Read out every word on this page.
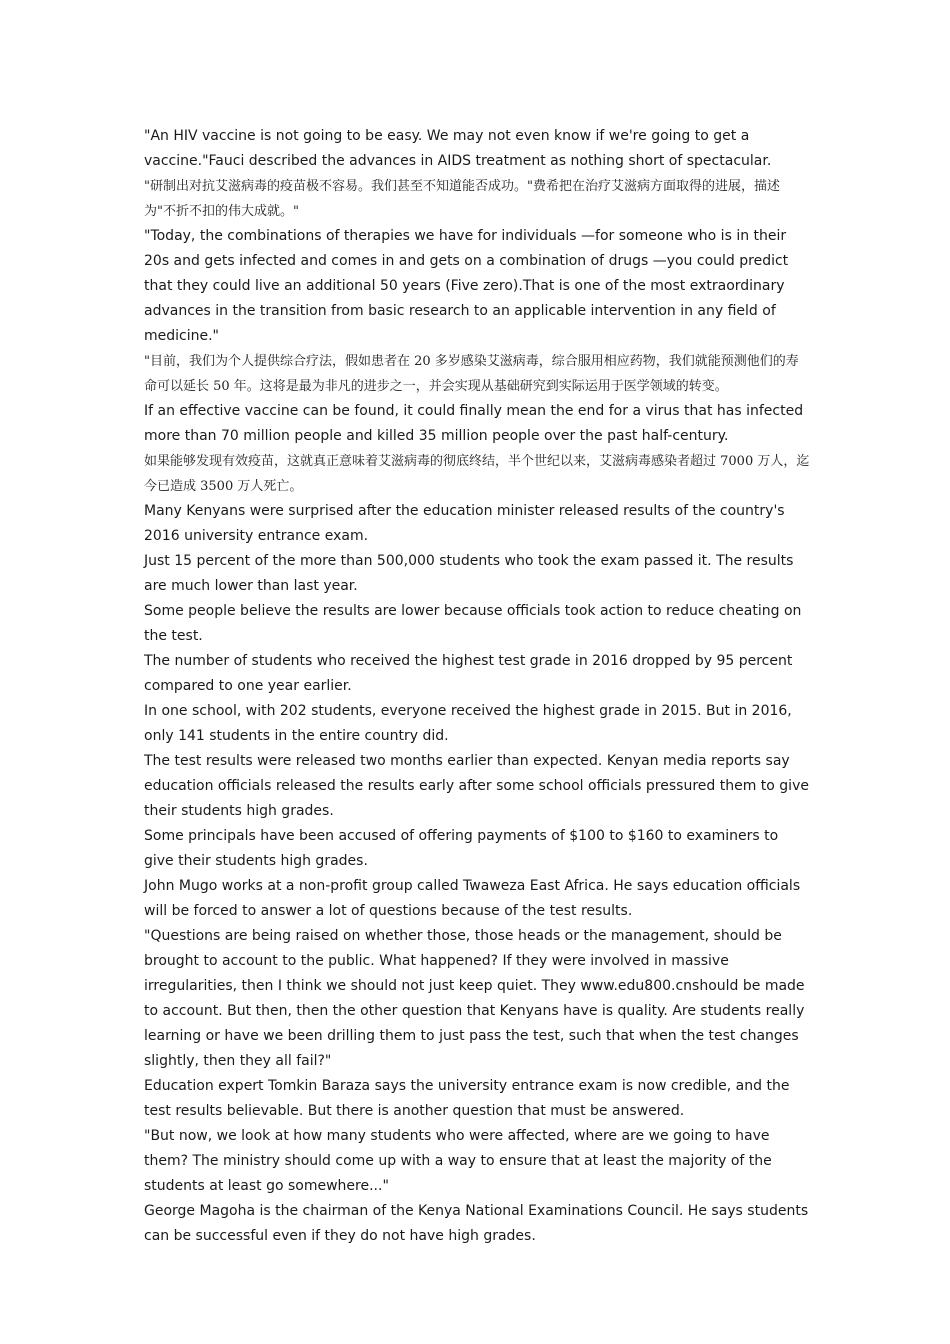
"An HIV vaccine is not going to be easy. We may not even know if we're going to get a vaccine."Fauci described the advances in AIDS treatment as nothing short of spectacular.

"研制出对抗艾滋病毒的疫苗极不容易。我们甚至不知道能否成功。"费希把在治疗艾滋病方面取得的进展，描述为"不折不扣的伟大成就。"

"Today, the combinations of therapies we have for individuals —for someone who is in their 20s and gets infected and comes in and gets on a combination of drugs —you could predict that they could live an additional 50 years (Five zero).That is one of the most extraordinary advances in the transition from basic research to an applicable intervention in any field of medicine."

"目前，我们为个人提供综合疗法，假如患者在 20 多岁感染艾滋病毒，综合服用相应药物，我们就能预测他们的寿命可以延长 50 年。这将是最为非凡的进步之一，并会实现从基础研究到实际运用于医学领域的转变。

If an effective vaccine can be found, it could finally mean the end for a virus that has infected more than 70 million people and killed 35 million people over the past half-century.

如果能够发现有效疫苗，这就真正意味着艾滋病毒的彻底终结，半个世纪以来，艾滋病毒感染者超过 7000 万人，迄今已造成 3500 万人死亡。

Many Kenyans were surprised after the education minister released results of the country's 2016 university entrance exam.

Just 15 percent of the more than 500,000 students who took the exam passed it. The results are much lower than last year.

Some people believe the results are lower because officials took action to reduce cheating on the test.

The number of students who received the highest test grade in 2016 dropped by 95 percent compared to one year earlier.

In one school, with 202 students, everyone received the highest grade in 2015. But in 2016, only 141 students in the entire country did.

The test results were released two months earlier than expected. Kenyan media reports say education officials released the results early after some school officials pressured them to give their students high grades.

Some principals have been accused of offering payments of $100 to $160 to examiners to give their students high grades.

John Mugo works at a non-profit group called Twaweza East Africa. He says education officials will be forced to answer a lot of questions because of the test results.

"Questions are being raised on whether those, those heads or the management, should be brought to account to the public. What happened? If they were involved in massive irregularities, then I think we should not just keep quiet. They www.edu800.cnshould be made to account. But then, then the other question that Kenyans have is quality. Are students really learning or have we been drilling them to just pass the test, such that when the test changes slightly, then they all fail?"

Education expert Tomkin Baraza says the university entrance exam is now credible, and the test results believable. But there is another question that must be answered.

"But now, we look at how many students who were affected, where are we going to have them? The ministry should come up with a way to ensure that at least the majority of the students at least go somewhere..."

George Magoha is the chairman of the Kenya National Examinations Council. He says students can be successful even if they do not have high grades.
